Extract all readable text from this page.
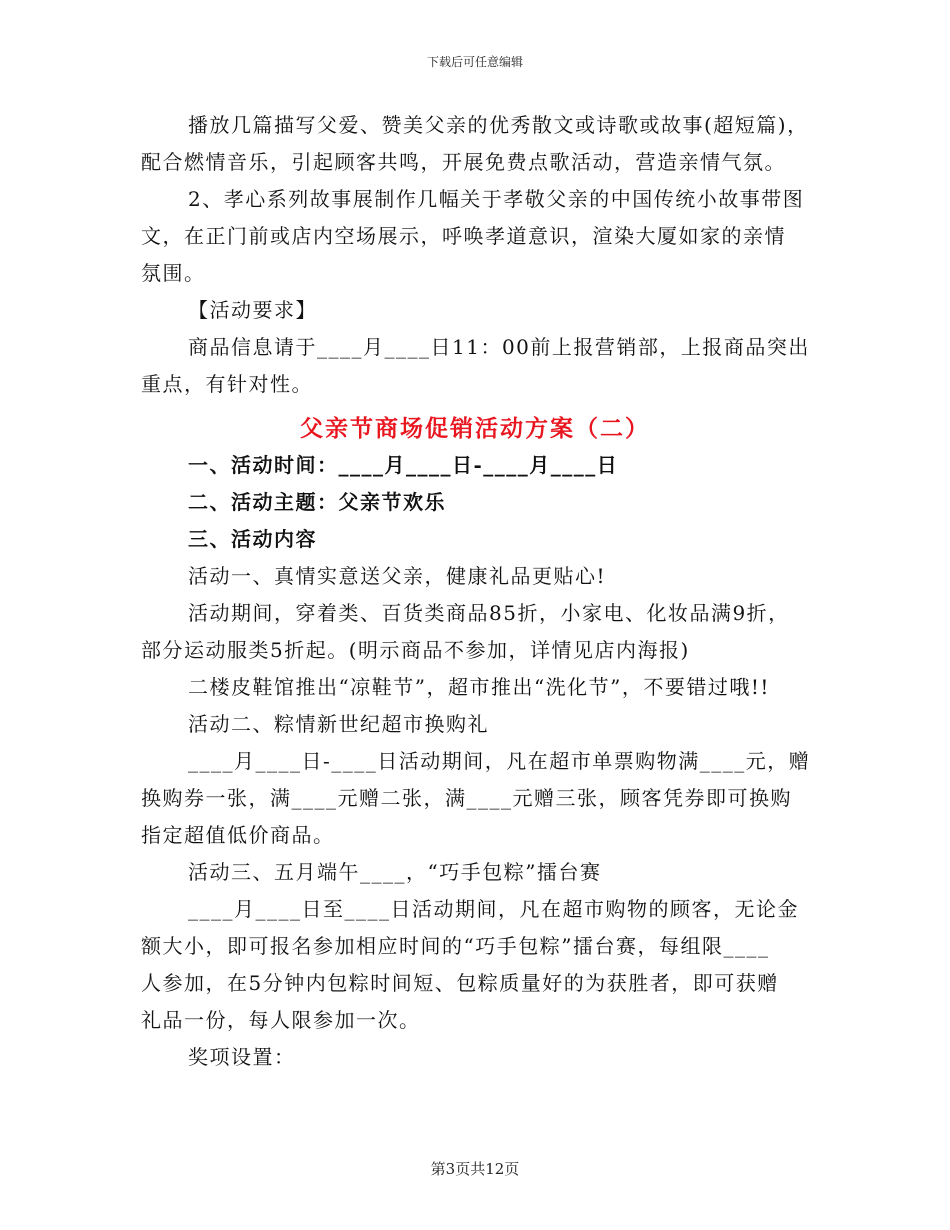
下载后可任意编辑
播放几篇描写父爱、赞美父亲的优秀散文或诗歌或故事(超短篇)，
配合燃情音乐，引起顾客共鸣，开展免费点歌活动，营造亲情气氛。
2、孝心系列故事展制作几幅关于孝敬父亲的中国传统小故事带图
文，在正门前或店内空场展示，呼唤孝道意识，渲染大厦如家的亲情
氛围。
【活动要求】
商品信息请于____月____日11：00前上报营销部，上报商品突出
重点，有针对性。
父亲节商场促销活动方案（二）
一、活动时间：____月____日-____月____日
二、活动主题：父亲节欢乐
三、活动内容
活动一、真情实意送父亲，健康礼品更贴心!
活动期间，穿着类、百货类商品85折，小家电、化妆品满9折，
部分运动服类5折起。(明示商品不参加，详情见店内海报)
二楼皮鞋馆推出“凉鞋节”，超市推出“洗化节”，不要错过哦!!
活动二、粽情新世纪超市换购礼
____月____日-____日活动期间，凡在超市单票购物满____元，赠
换购券一张，满____元赠二张，满____元赠三张，顾客凭券即可换购
指定超值低价商品。
活动三、五月端午____，“巧手包粽”擂台赛
____月____日至____日活动期间，凡在超市购物的顾客，无论金
额大小，即可报名参加相应时间的“巧手包粽”擂台赛，每组限____
人参加，在5分钟内包粽时间短、包粽质量好的为获胜者，即可获赠
礼品一份，每人限参加一次。
奖项设置：
第3页共12页
